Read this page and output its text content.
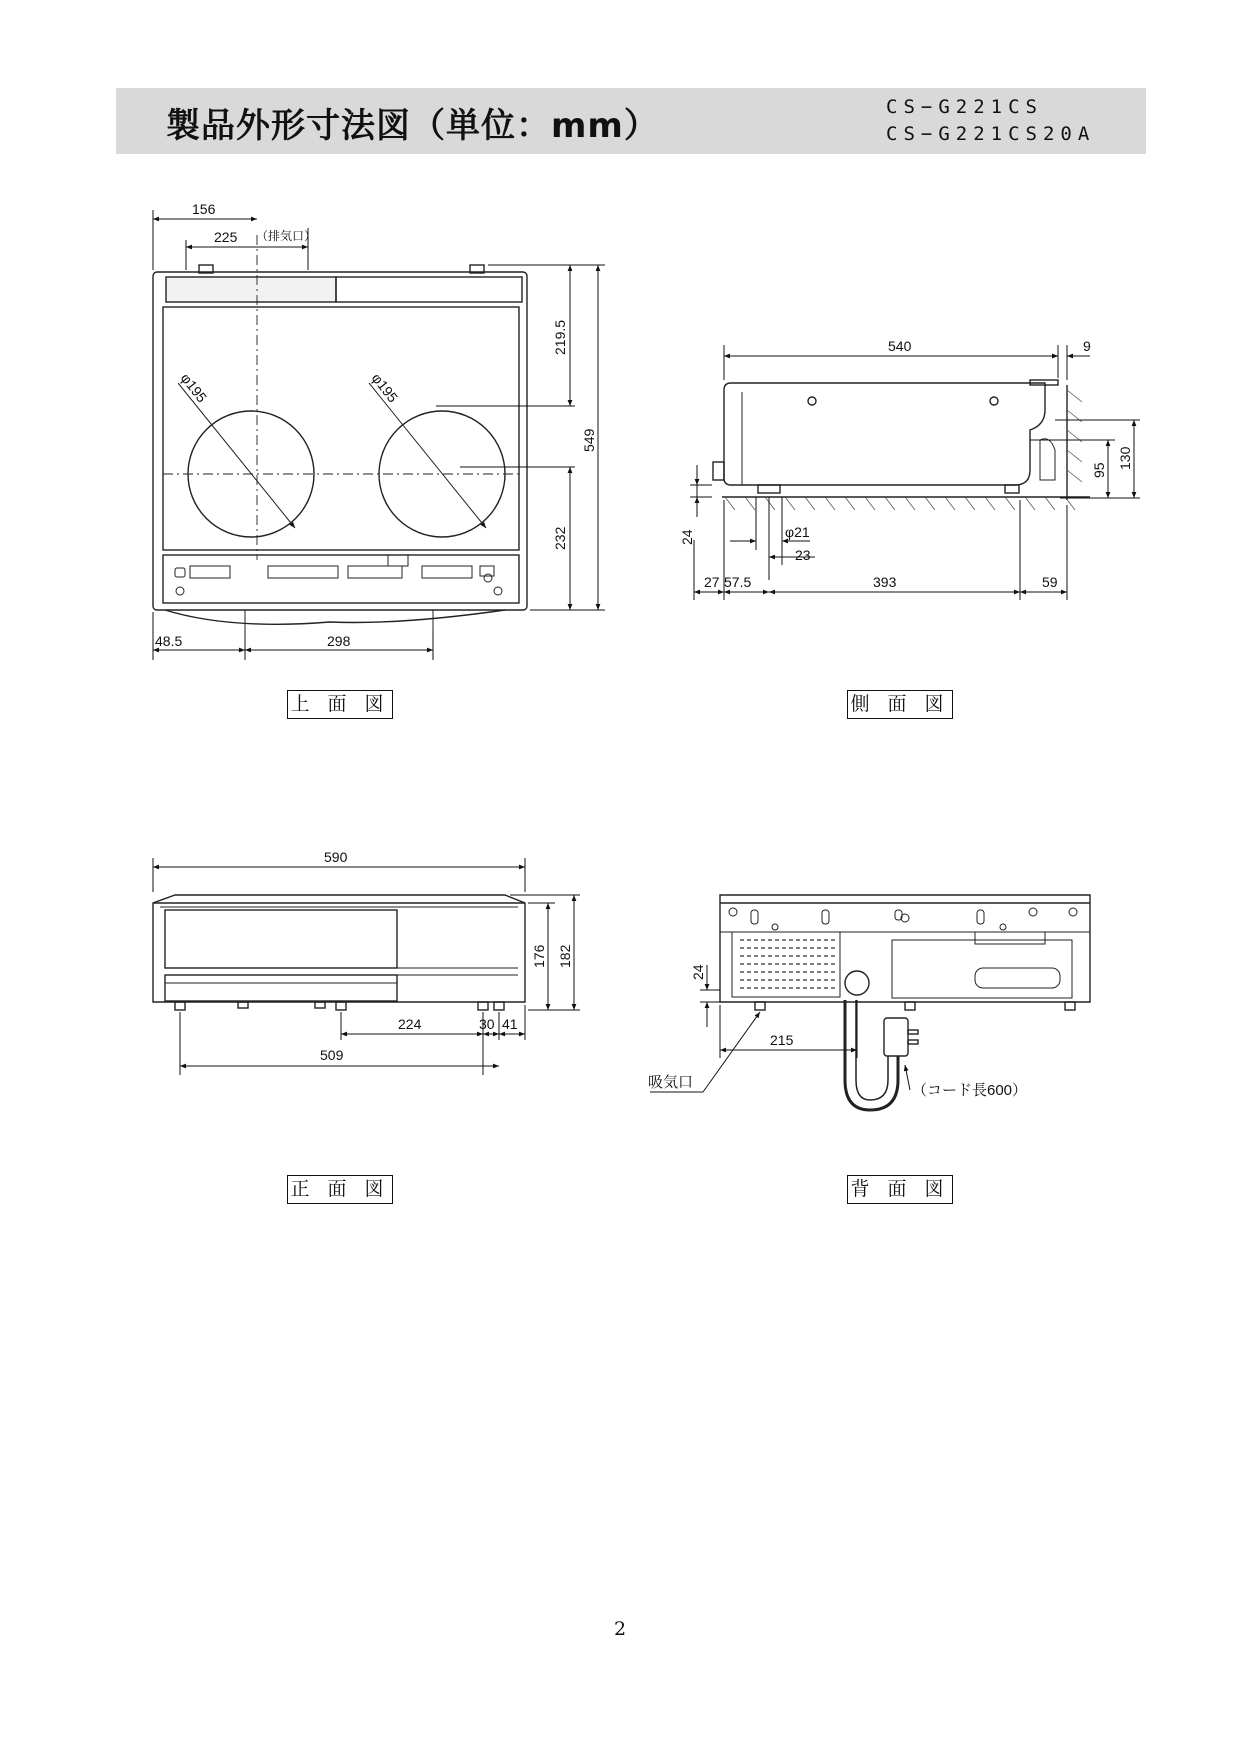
製品外形寸法図（単位：mm）	CS−G221CS
CS−G221CS20A
156
225 （排気口）
219.5
549
232
φ195	φ195
48.5	298
540	9
130
95
24	φ21
23
27 57.5	393	59
590
176 182
224	30 41
509
24
215
吸気口	（コード長600）
上 面 図	側 面 図
正 面 図	背 面 図
2
